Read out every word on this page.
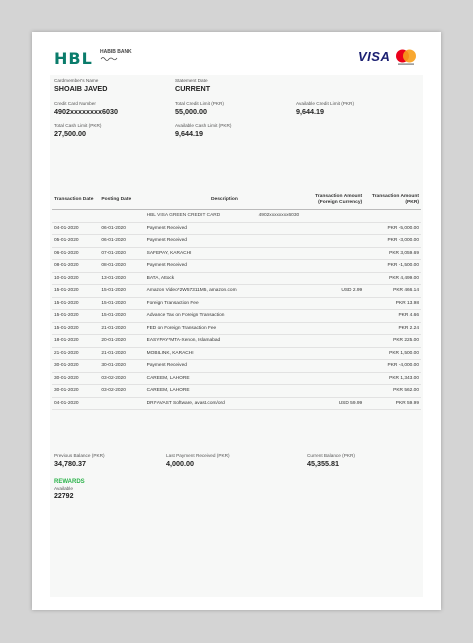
HBL HABIB BANK	VISA
Cardmember's Name
SHOAIB JAVED
Statement Date
CURRENT
Credit Card Number
4902xxxxxxxx6030
Total Credit Limit (PKR)
55,000.00
Available Credit Limit (PKR)
9,644.19
Total Cash Limit (PKR)
27,500.00
Available Cash Limit (PKR)
9,644.19
Transaction Date	Posting Date	Description	Transaction Amount (Foreign Currency)	Transaction Amount (PKR)
		HBL VISA GREEN CREDIT CARD 4902xxxxxxxx6030		
04-01-2020	06-01-2020	Payment Received		PKR -5,000.00
05-01-2020	06-01-2020	Payment Received		PKR -3,000.00
06-01-2020	07-01-2020	SAFEPAY, KARACHI		PKR 3,059.69
08-01-2020	08-01-2020	Payment Received		PKR -1,500.00
10-01-2020	13-01-2020	BATA, Attock		PKR 4,499.00
15-01-2020	15-01-2020	Amazon Video*2W57311M5, amazon.com	USD 2.99	PKR 466.14
15-01-2020	15-01-2020	Foreign Transaction Fee		PKR 13.98
15-01-2020	15-01-2020	Advance Tax on Foreign Transaction		PKR 4.66
15-01-2020	21-01-2020	FED on Foreign Transaction Fee		PKR 2.24
18-01-2020	20-01-2020	EASYPAY*MTA-Xenon, Islamabad		PKR 225.00
21-01-2020	21-01-2020	MOBILINK, KARACHI		PKR 1,500.00
30-01-2020	30-01-2020	Payment Received		PKR -4,000.00
30-01-2020	03-02-2020	CAREEM, LAHORE		PKR 1,343.00
30-01-2020	03-02-2020	CAREEM, LAHORE		PKR 562.00
04-01-2020		DRI*AVAST Software, avast.com/ord	USD 59.99	PKR 59.99
Previous Balance (PKR)
34,780.37
Last Payment Received (PKR)
4,000.00
Current Balance (PKR)
45,355.81
REWARDS
Available
22792
